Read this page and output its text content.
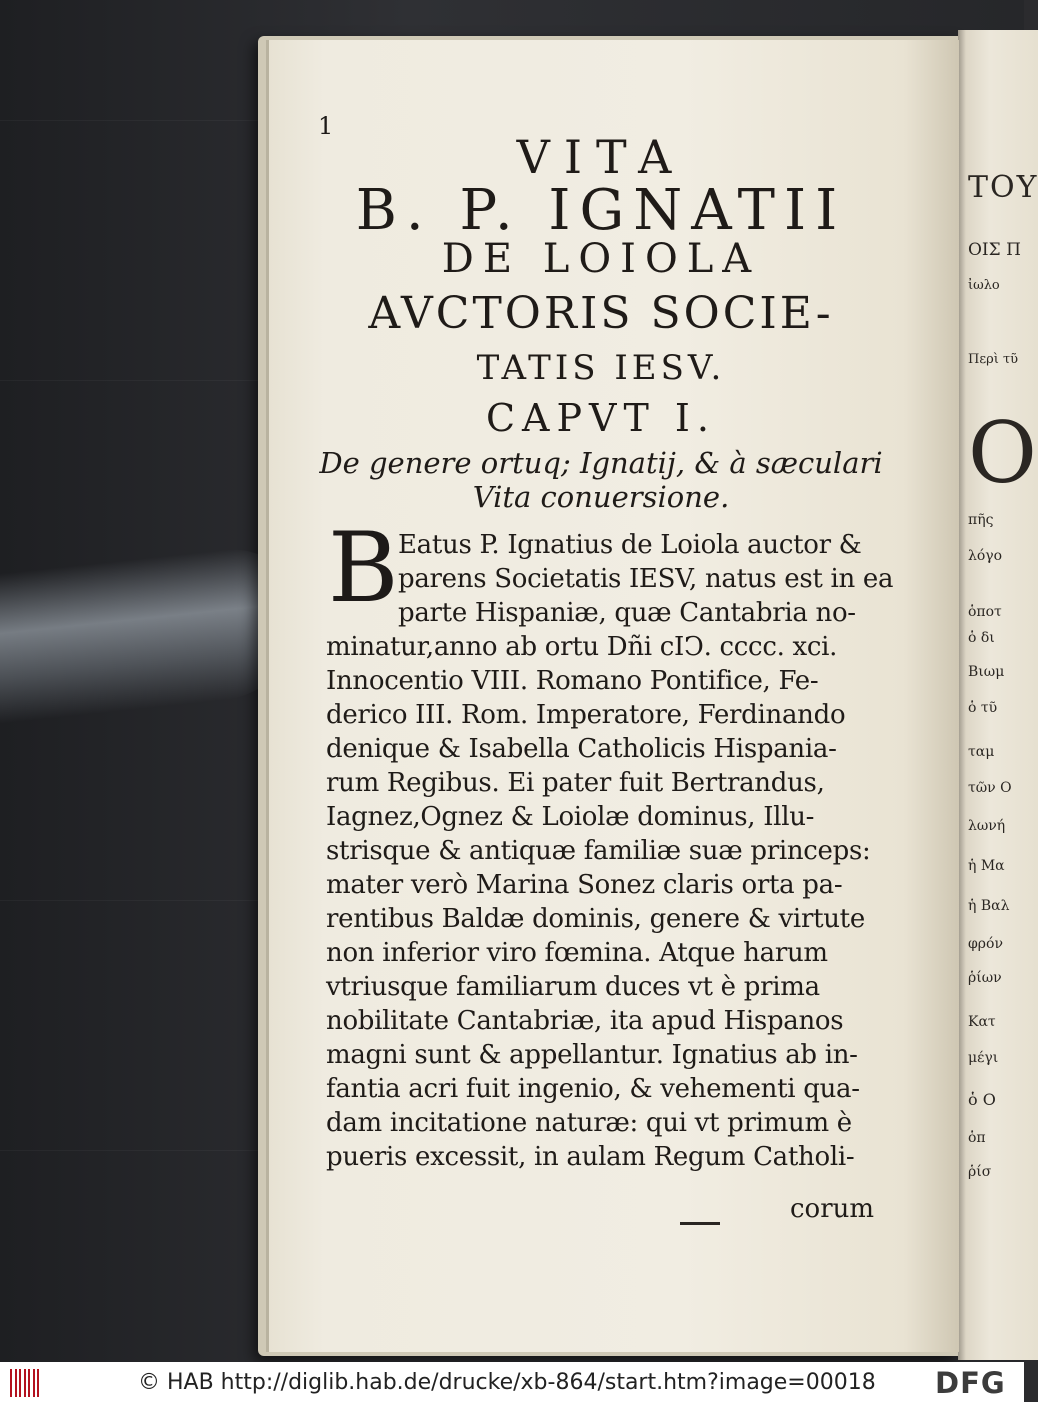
TOY
ΟΙΣ Π
ἰωλο
Περὶ τῦ
O
πῆς
λόγο
ὁποτ
ὁ δι
Βιωμ
ὁ τῦ
ταμ
τῶν Ο
λωνή
ἡ Μα
ἡ Βαλ
φρόν
ῥίων
Κατ
μέγι
ὁ Ο
ὁπ
ῥίσ
1
VITA
B. P. IGNATII
DE LOIOLA
AVCTORIS SOCIE-
TATIS IESV.
CAPVT I.
De genere ortuq; Ignatij, & à sæculari
Vita conuersione.
B Eatus P. Ignatius de Loiola auctor &
parens Societatis IESV, natus est in ea
parte Hispaniæ, quæ Cantabria no-
minatur,anno ab ortu Dñi cIↃ. cccc. xci.
Innocentio VIII. Romano Pontifice, Fe-
derico III. Rom. Imperatore, Ferdinando
denique & Isabella Catholicis Hispania-
rum Regibus. Ei pater fuit Bertrandus,
Iagnez,Ognez & Loiolæ dominus, Illu-
strisque & antiquæ familiæ suæ princeps:
mater verò Marina Sonez claris orta pa-
rentibus Baldæ dominis, genere & virtute
non inferior viro fœmina. Atque harum
vtriusque familiarum duces vt è prima
nobilitate Cantabriæ, ita apud Hispanos
magni sunt & appellantur. Ignatius ab in-
fantia acri fuit ingenio, & vehementi qua-
dam incitatione naturæ: qui vt primum è
pueris excessit, in aulam Regum Catholi-
corum
© HAB http://diglib.hab.de/drucke/xb-864/start.htm?image=00018 DFG
